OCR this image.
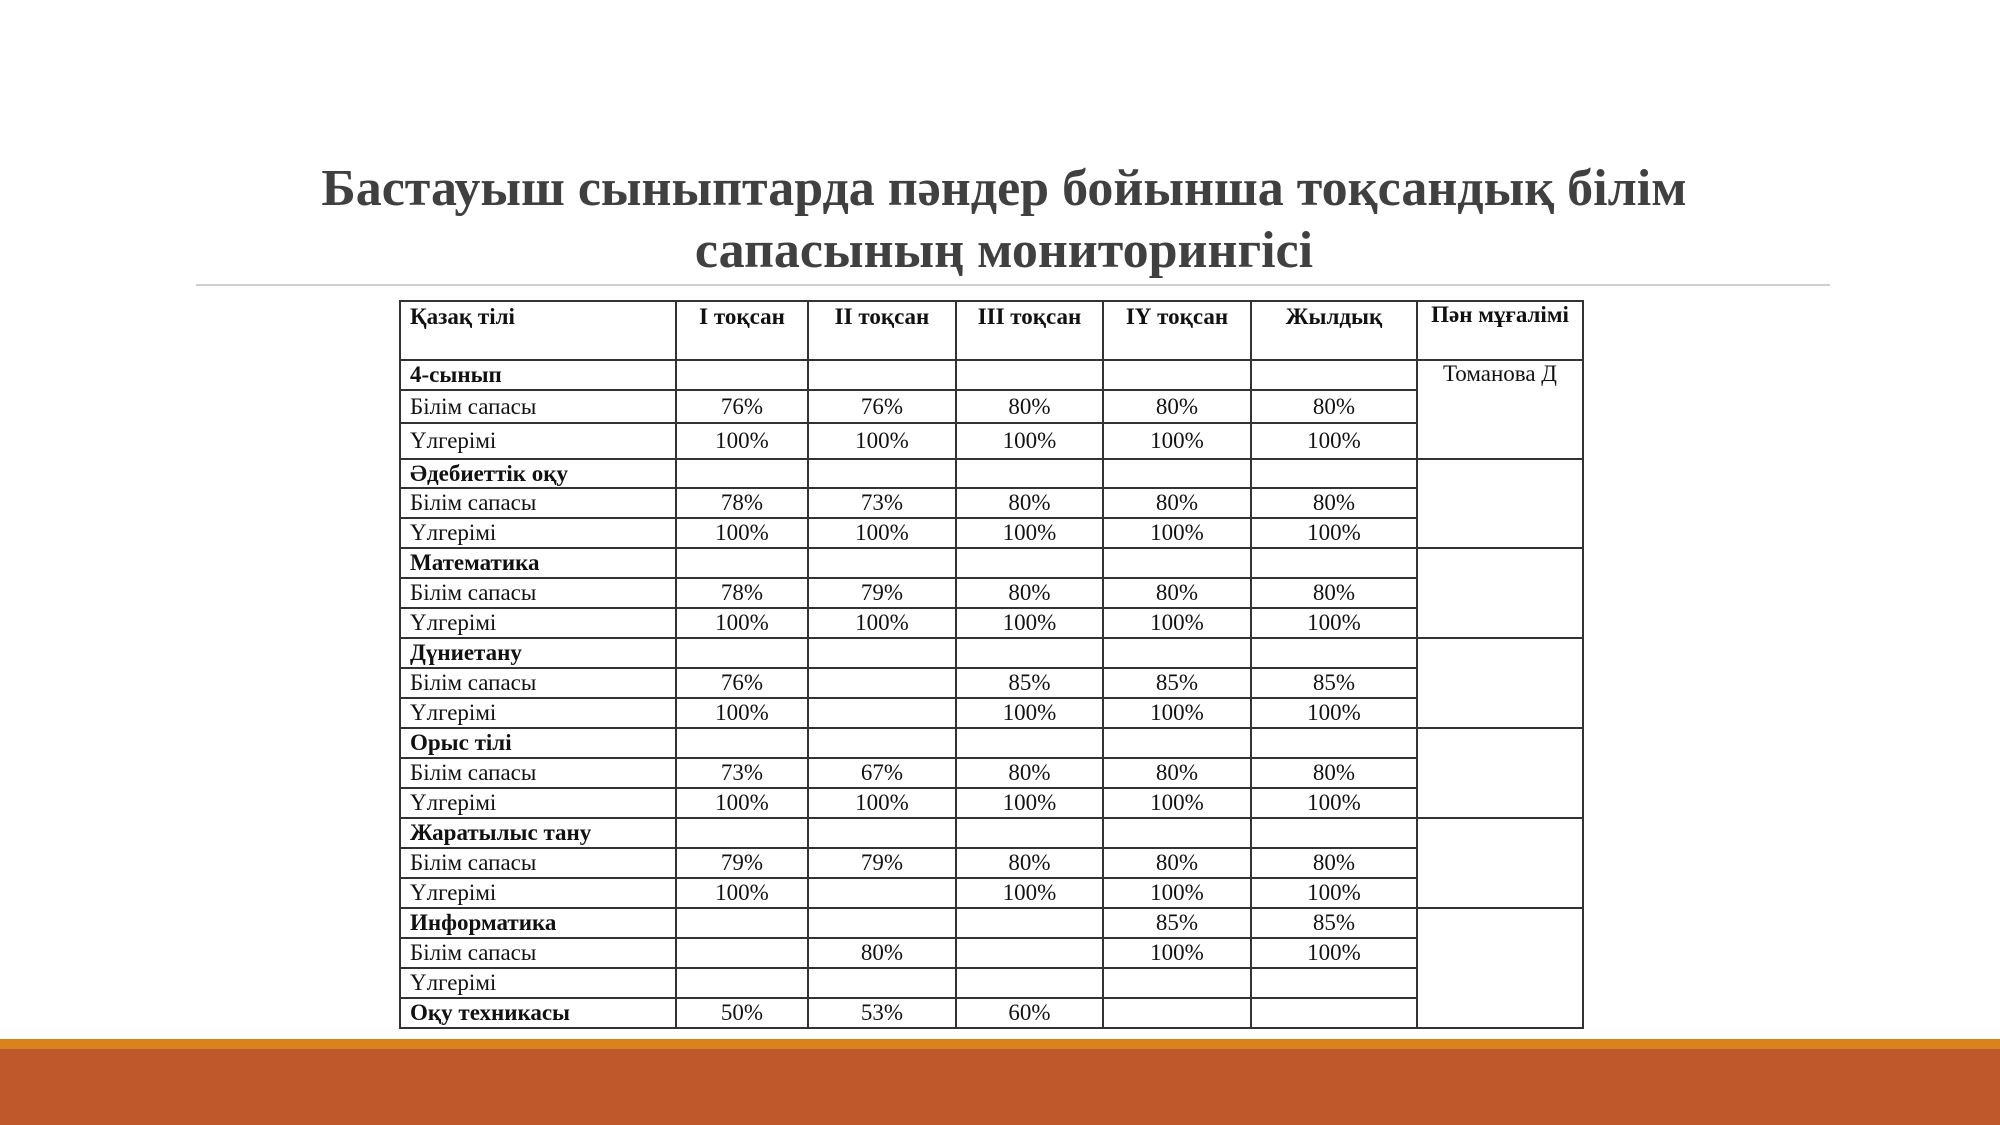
Бастауыш сыныптарда пәндер бойынша тоқсандық білім
сапасының мониторингісі
Қазақ тілі	І тоқсан	ІІ тоқсан	ІІІ тоқсан	ІҮ тоқсан	Жылдық	Пән мұғалімі
4-сынып						Томанова Д
Білім сапасы	76%	76%	80%	80%	80%	
Үлгерімі	100%	100%	100%	100%	100%	
Әдебиеттік оқу						
Білім сапасы	78%	73%	80%	80%	80%	
Үлгерімі	100%	100%	100%	100%	100%	
Математика						
Білім сапасы	78%	79%	80%	80%	80%	
Үлгерімі	100%	100%	100%	100%	100%	
Дүниетану						
Білім сапасы	76%		85%	85%	85%	
Үлгерімі	100%		100%	100%	100%	
Орыс тілі						
Білім сапасы	73%	67%	80%	80%	80%	
Үлгерімі	100%	100%	100%	100%	100%	
Жаратылыс тану						
Білім сапасы	79%	79%	80%	80%	80%	
Үлгерімі	100%		100%	100%	100%	
Информатика				85%	85%	
Білім сапасы		80%		100%	100%	
Үлгерімі						
Оқу техникасы	50%	53%	60%			
